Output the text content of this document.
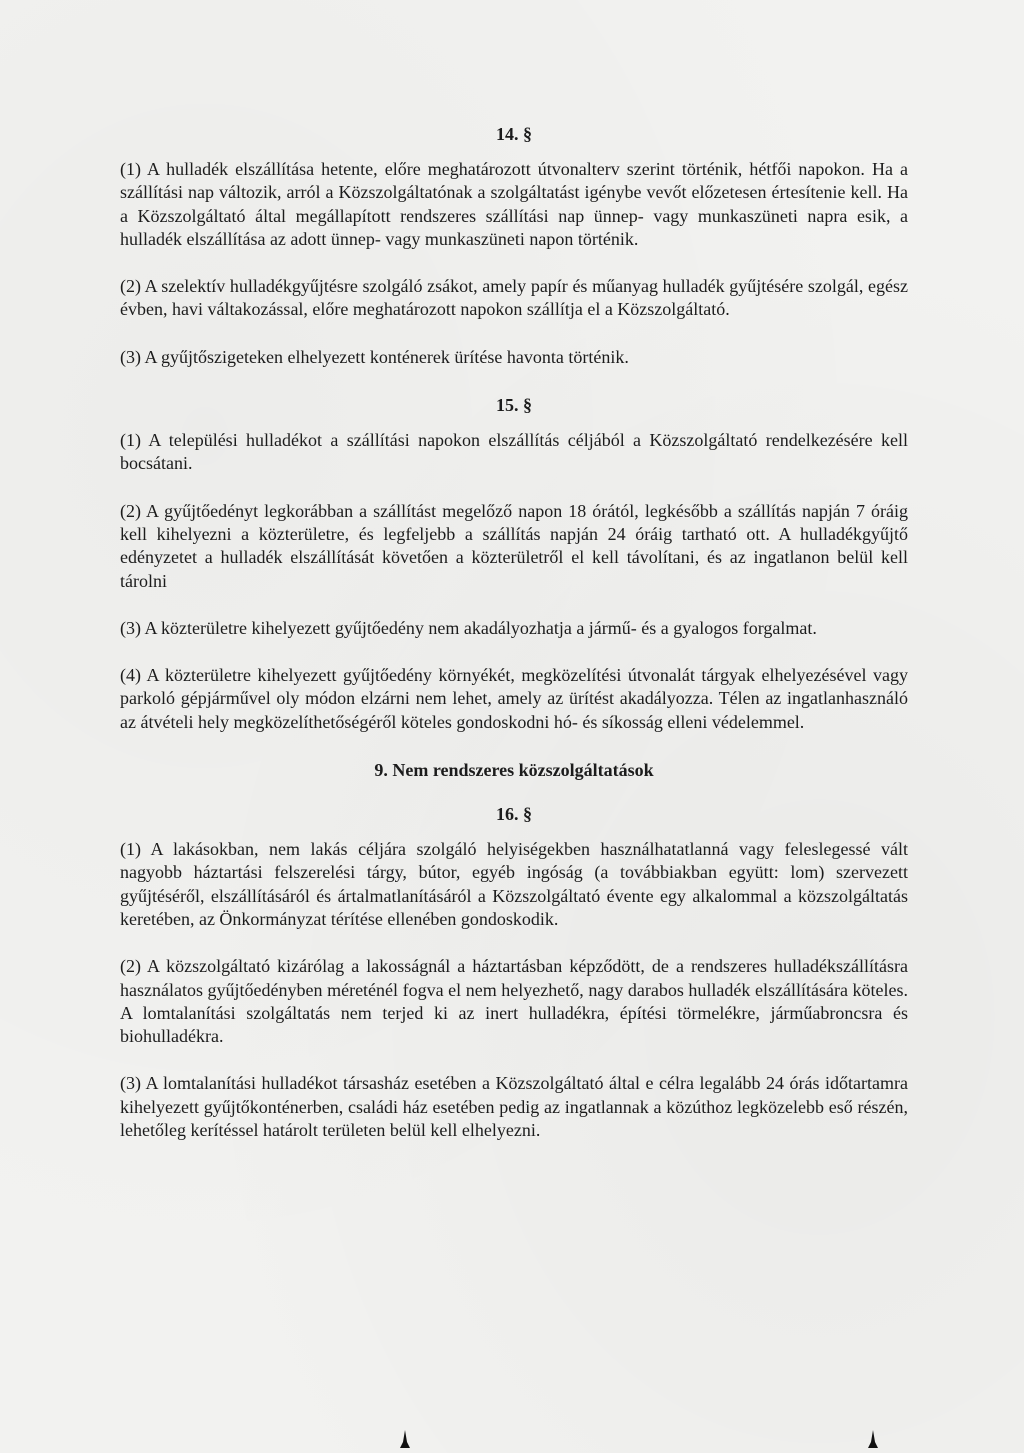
14. §

(1) A hulladék elszállítása hetente, előre meghatározott útvonalterv szerint történik, hétfői napokon. Ha a szállítási nap változik, arról a Közszolgáltatónak a szolgáltatást igénybe vevőt előzetesen értesítenie kell. Ha a Közszolgáltató által megállapított rendszeres szállítási nap ünnep- vagy munkaszüneti napra esik, a hulladék elszállítása az adott ünnep- vagy munkaszüneti napon történik.

(2) A szelektív hulladékgyűjtésre szolgáló zsákot, amely papír és műanyag hulladék gyűjtésére szolgál, egész évben, havi váltakozással, előre meghatározott napokon szállítja el a Közszolgáltató.

(3) A gyűjtőszigeteken elhelyezett konténerek ürítése havonta történik.

15. §

(1) A települési hulladékot a szállítási napokon elszállítás céljából a Közszolgáltató rendelkezésére kell bocsátani.

(2) A gyűjtőedényt legkorábban a szállítást megelőző napon 18 órától, legkésőbb a szállítás napján 7 óráig kell kihelyezni a közterületre, és legfeljebb a szállítás napján 24 óráig tartható ott. A hulladékgyűjtő edényzetet a hulladék elszállítását követően a közterületről el kell távolítani, és az ingatlanon belül kell tárolni

(3) A közterületre kihelyezett gyűjtőedény nem akadályozhatja a jármű- és a gyalogos forgalmat.

(4) A közterületre kihelyezett gyűjtőedény környékét, megközelítési útvonalát tárgyak elhelyezésével vagy parkoló gépjárművel oly módon elzárni nem lehet, amely az ürítést akadályozza. Télen az ingatlanhasználó az átvételi hely megközelíthetőségéről köteles gondoskodni hó- és síkosság elleni védelemmel.

9. Nem rendszeres közszolgáltatások
16. §

(1) A lakásokban, nem lakás céljára szolgáló helyiségekben használhatatlanná vagy feleslegessé vált nagyobb háztartási felszerelési tárgy, bútor, egyéb ingóság (a továbbiakban együtt: lom) szervezett gyűjtéséről, elszállításáról és ártalmatlanításáról a Közszolgáltató évente egy alkalommal a közszolgáltatás keretében, az Önkormányzat térítése ellenében gondoskodik.

(2) A közszolgáltató kizárólag a lakosságnál a háztartásban képződött, de a rendszeres hulladékszállításra használatos gyűjtőedényben méreténél fogva el nem helyezhető, nagy darabos hulladék elszállítására köteles. A lomtalanítási szolgáltatás nem terjed ki az inert hulladékra, építési törmelékre, járműabroncsra és biohulladékra.

(3) A lomtalanítási hulladékot társasház esetében a Közszolgáltató által e célra legalább 24 órás időtartamra kihelyezett gyűjtőkonténerben, családi ház esetében pedig az ingatlannak a közúthoz legközelebb eső részén, lehetőleg kerítéssel határolt területen belül kell elhelyezni.
